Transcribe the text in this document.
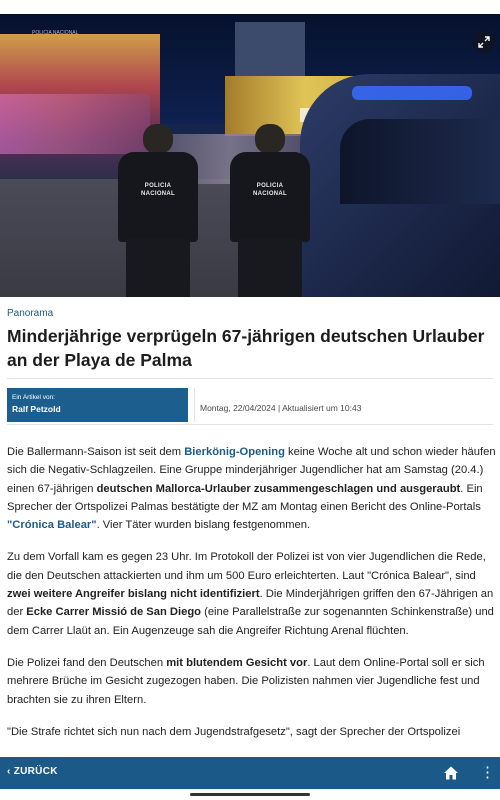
POLICIA NACIONAL
POLICIA NACIONAL
POLICIA NACIONAL
Panorama
Minderjährige verprügeln 67-jährigen deutschen Urlauber an der Playa de Palma
Ein Artikel von:
Ralf Petzold	Montag, 22/04/2024 | Aktualisiert um 10:43

Die Ballermann-Saison ist seit dem Bierkönig-Opening keine Woche alt und schon wieder häufen sich die Negativ-Schlagzeilen. Eine Gruppe minderjähriger Jugendlicher hat am Samstag (20.4.) einen 67-jährigen deutschen Mallorca-Urlauber zusammengeschlagen und ausgeraubt. Ein Sprecher der Ortspolizei Palmas bestätigte der MZ am Montag einen Bericht des Online-Portals "Crónica Balear". Vier Täter wurden bislang festgenommen.

Zu dem Vorfall kam es gegen 23 Uhr. Im Protokoll der Polizei ist von vier Jugendlichen die Rede, die den Deutschen attackierten und ihm um 500 Euro erleichterten. Laut "Crónica Balear", sind zwei weitere Angreifer bislang nicht identifiziert. Die Minderjährigen griffen den 67-Jährigen an der Ecke Carrer Missió de San Diego (eine Parallelstraße zur sogenannten Schinkenstraße) und dem Carrer Llaüt an. Ein Augenzeuge sah die Angreifer Richtung Arenal flüchten.

Die Polizei fand den Deutschen mit blutendem Gesicht vor. Laut dem Online-Portal soll er sich mehrere Brüche im Gesicht zugezogen haben. Die Polizisten nahmen vier Jugendliche fest und brachten sie zu ihren Eltern.

"Die Strafe richtet sich nun nach dem Jugendstrafgesetz", sagt der Sprecher der Ortspolizei

‹ ZURÜCK	⋮
